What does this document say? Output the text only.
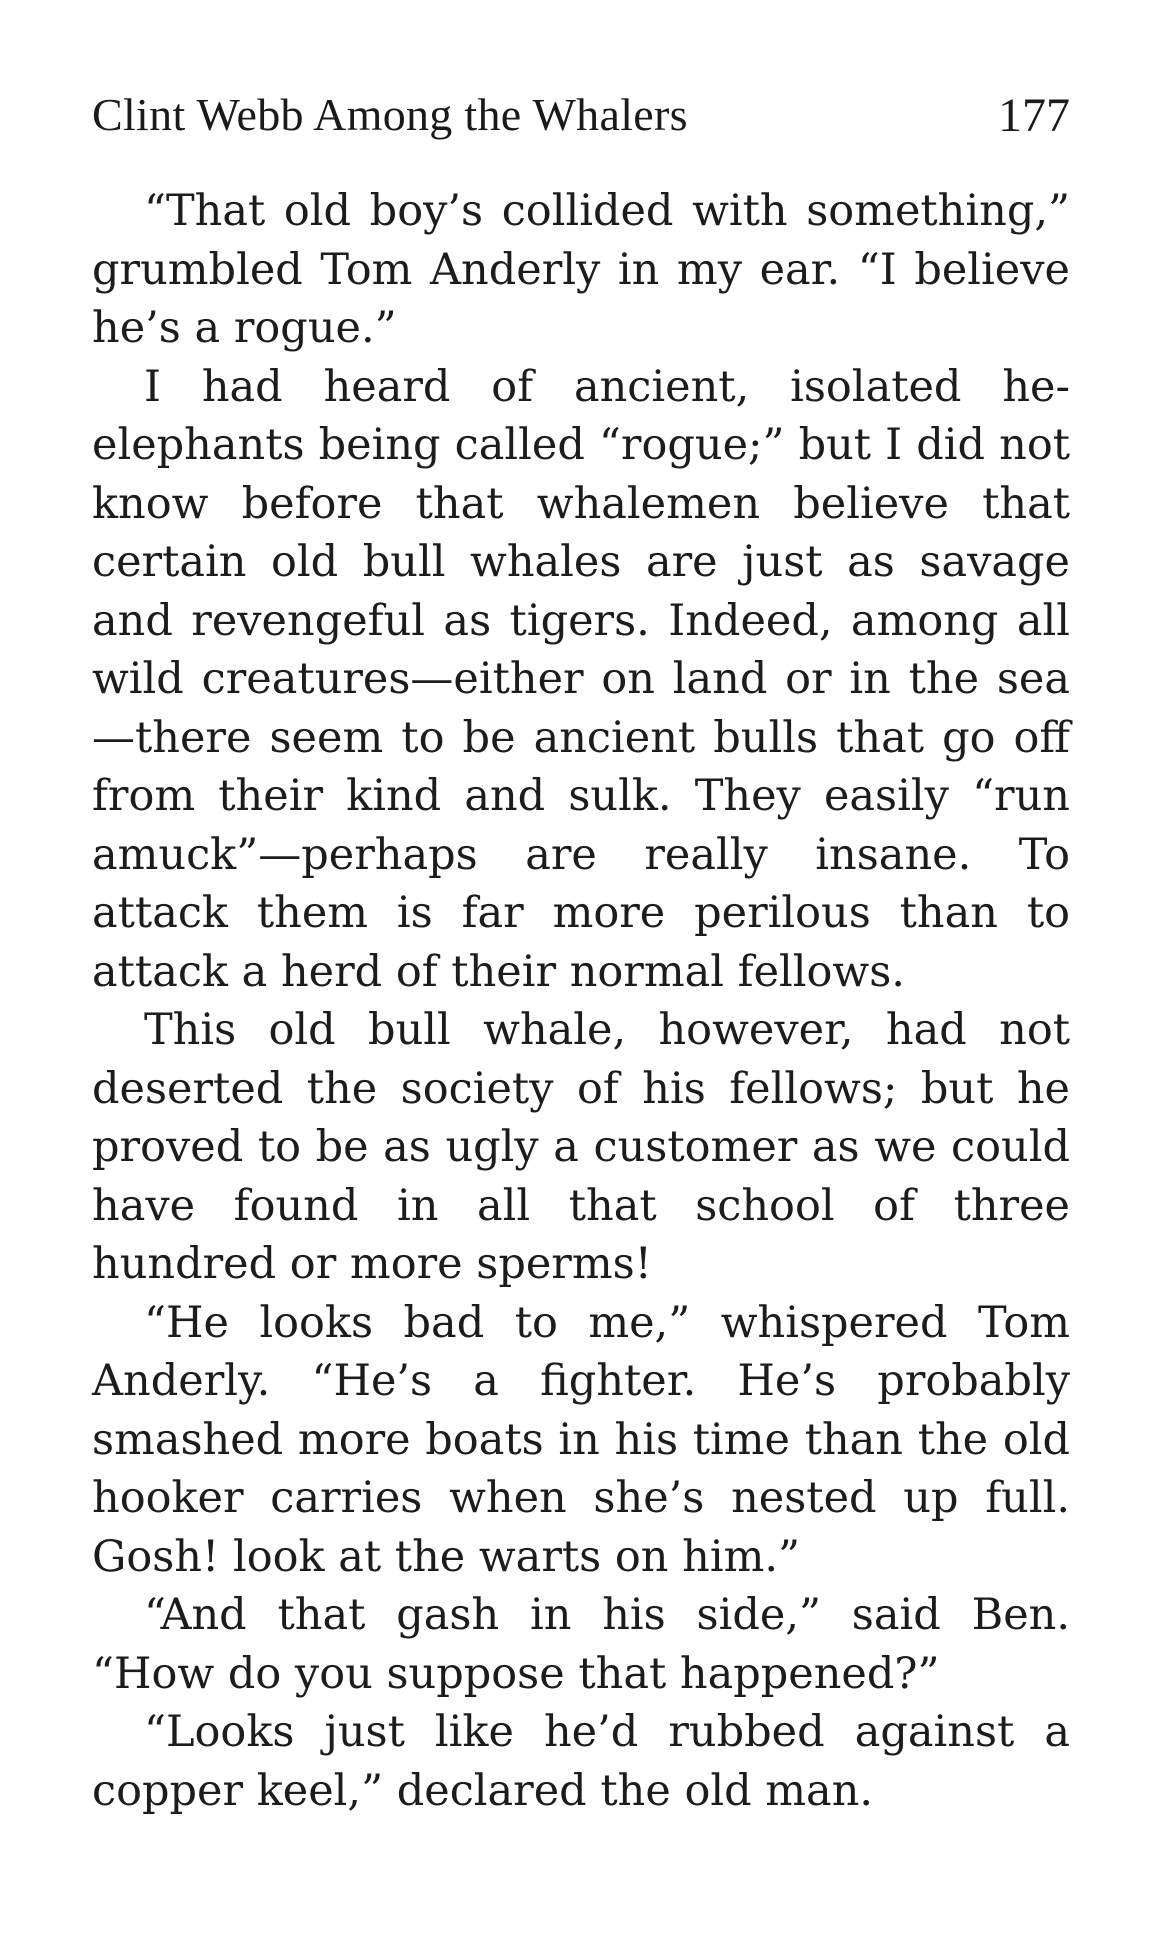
Clint Webb Among the Whalers	177

“That old boy’s collided with something,” grumbled Tom Anderly in my ear. “I believe he’s a rogue.”

I had heard of ancient, isolated he-elephants being called “rogue;” but I did not know before that whalemen believe that certain old bull whales are just as savage and revengeful as tigers. Indeed, among all wild creatures—either on land or in the sea—there seem to be ancient bulls that go off from their kind and sulk. They easily “run amuck”—perhaps are really insane. To attack them is far more perilous than to attack a herd of their normal fellows.

This old bull whale, however, had not deserted the society of his fellows; but he proved to be as ugly a customer as we could have found in all that school of three hundred or more sperms!

“He looks bad to me,” whispered Tom Anderly. “He’s a fighter. He’s probably smashed more boats in his time than the old hooker carries when she’s nested up full. Gosh! look at the warts on him.”

“And that gash in his side,” said Ben. “How do you suppose that happened?”

“Looks just like he’d rubbed against a copper keel,” declared the old man.
